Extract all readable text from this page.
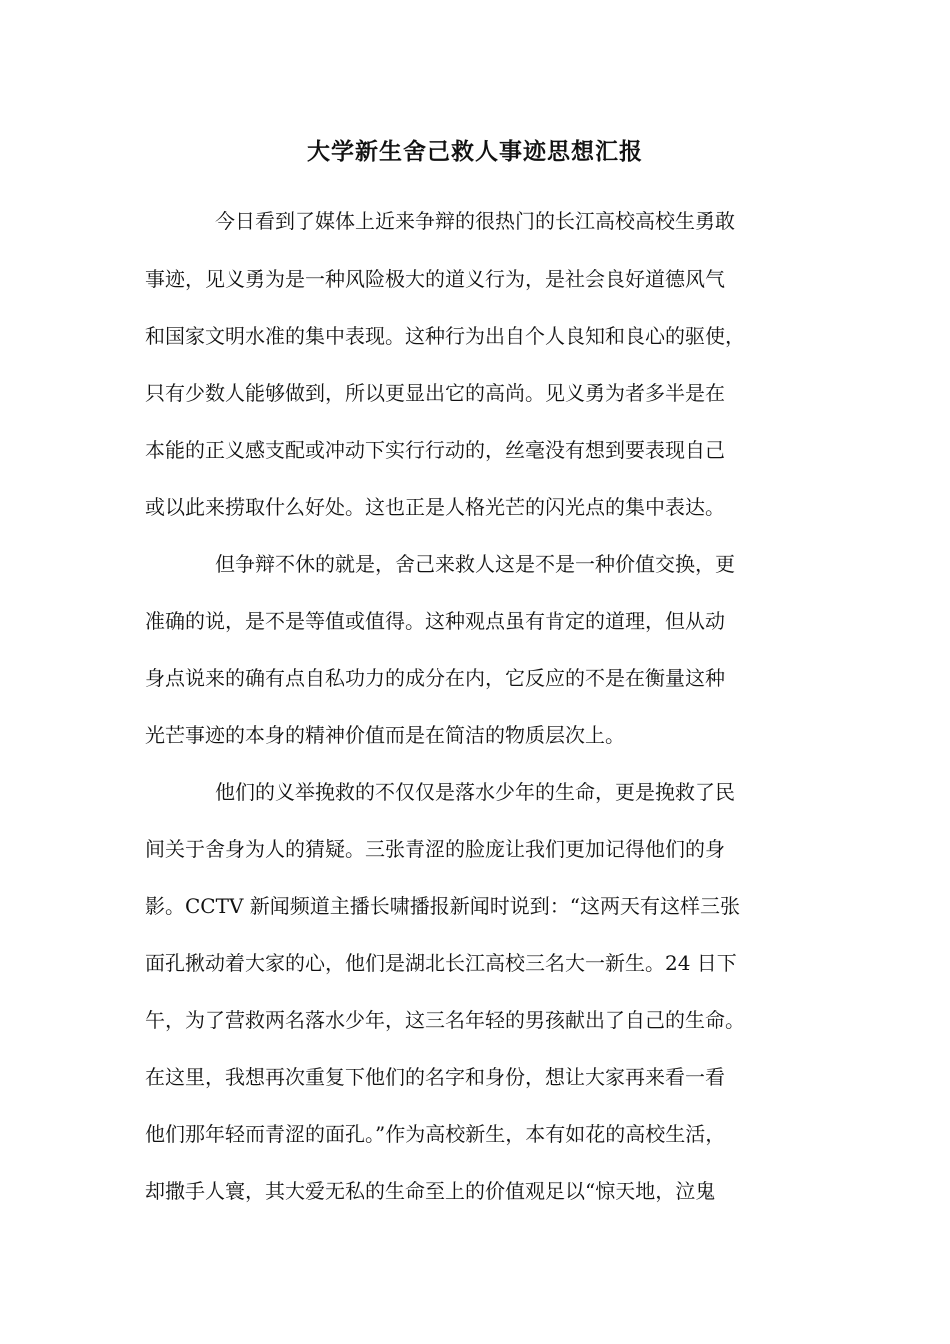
大学新生舍己救人事迹思想汇报

今日看到了媒体上近来争辩的很热门的长江高校高校生勇敢

事迹，见义勇为是一种风险极大的道义行为，是社会良好道德风气

和国家文明水准的集中表现。这种行为出自个人良知和良心的驱使，

只有少数人能够做到，所以更显出它的高尚。见义勇为者多半是在

本能的正义感支配或冲动下实行行动的，丝毫没有想到要表现自己

或以此来捞取什么好处。这也正是人格光芒的闪光点的集中表达。

但争辩不休的就是，舍己来救人这是不是一种价值交换，更

准确的说，是不是等值或值得。这种观点虽有肯定的道理，但从动

身点说来的确有点自私功力的成分在内，它反应的不是在衡量这种

光芒事迹的本身的精神价值而是在简洁的物质层次上。

他们的义举挽救的不仅仅是落水少年的生命，更是挽救了民

间关于舍身为人的猜疑。三张青涩的脸庞让我们更加记得他们的身

影。CCTV 新闻频道主播长啸播报新闻时说到：“这两天有这样三张

面孔揪动着大家的心，他们是湖北长江高校三名大一新生。24 日下

午，为了营救两名落水少年，这三名年轻的男孩献出了自己的生命。

在这里，我想再次重复下他们的名字和身份，想让大家再来看一看

他们那年轻而青涩的面孔。”作为高校新生，本有如花的高校生活，

却撒手人寰，其大爱无私的生命至上的价值观足以“惊天地，泣鬼
